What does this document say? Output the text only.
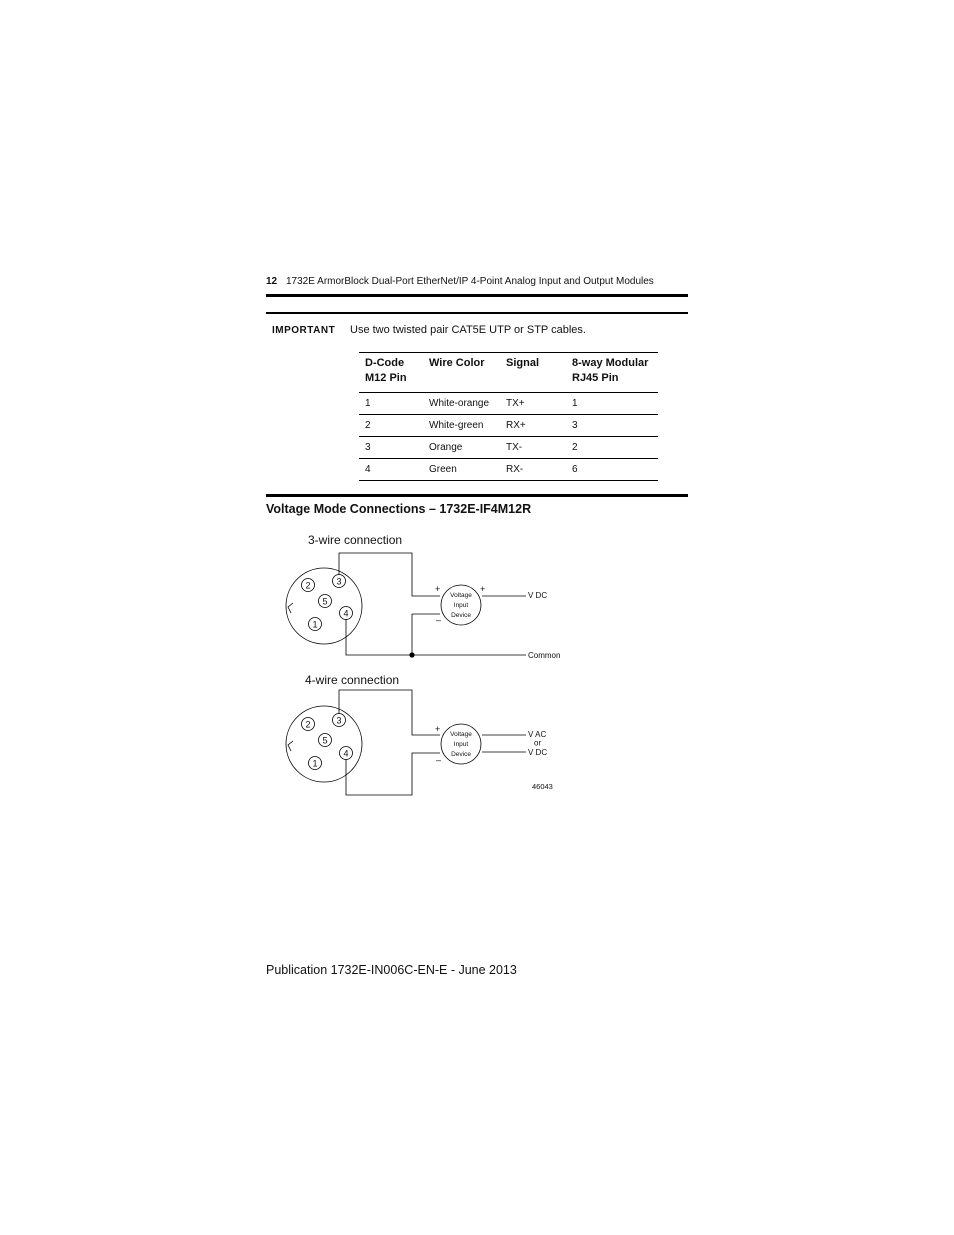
12 1732E ArmorBlock Dual-Port EtherNet/IP 4-Point Analog Input and Output Modules
IMPORTANT Use two twisted pair CAT5E UTP or STP cables.
D-Code
M12 Pin	Wire Color	Signal	8-way Modular
RJ45 Pin
1	White-orange	TX+	1
2	White-green	RX+	3
3	Orange	TX-	2
4	Green	RX-	6
Voltage Mode Connections – 1732E-IF4M12R
3-wire connection
4-wire connection
2	3
5
4
1
2	3
5
4
1
Voltage
Input
Device
Voltage
Input
Device
+	+
–
+
–
V DC
Common
V AC
or
V DC
46043
Publication 1732E-IN006C-EN-E - June 2013
